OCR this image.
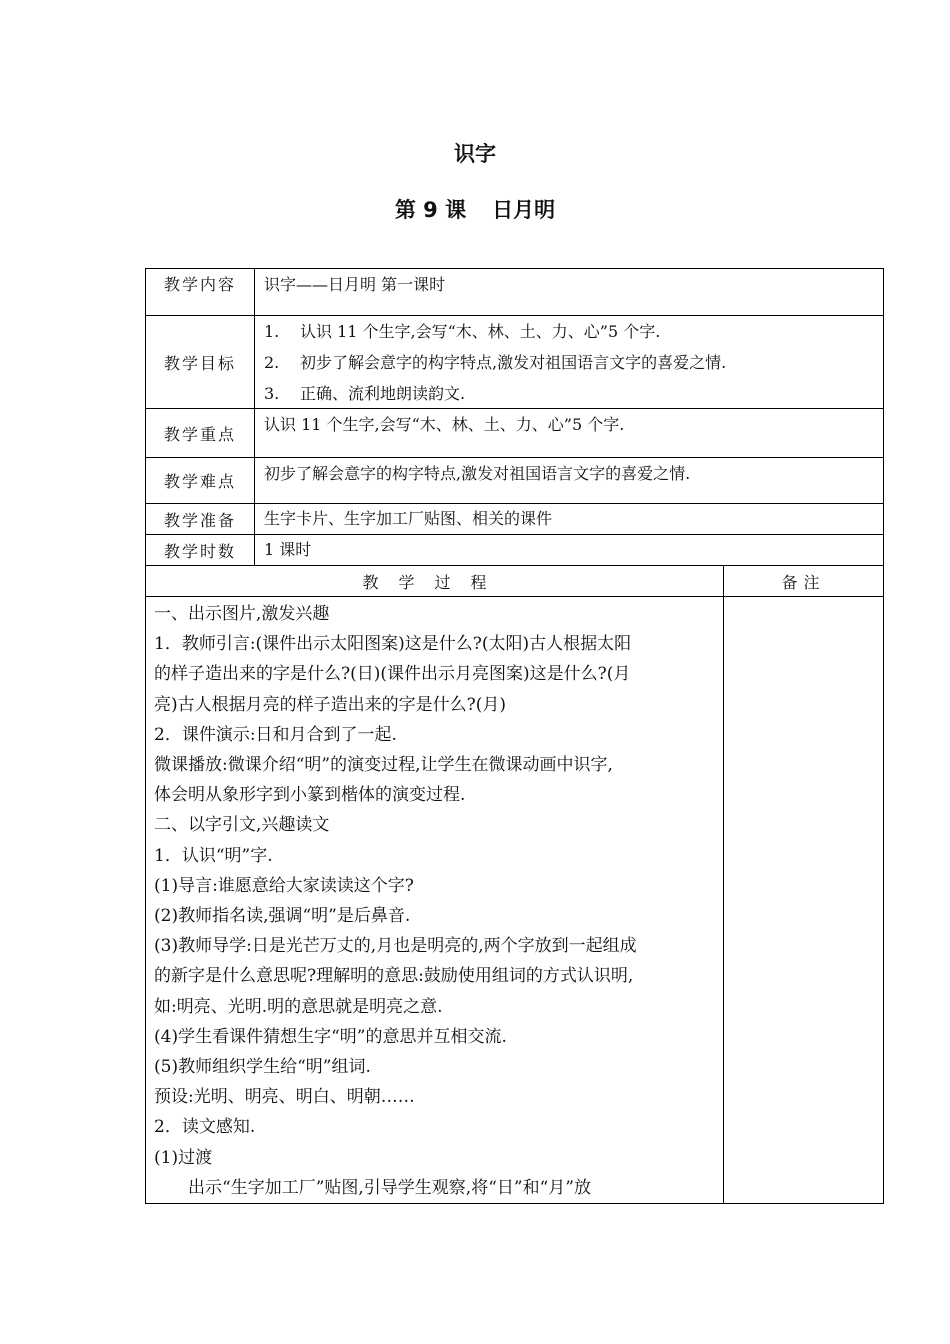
识字
第 9 课 日月明
教学内容	识字——日月明 第一课时
教学目标
1. 认识 11 个生字,会写“木、林、土、力、心”5 个字.
2. 初步了解会意字的构字特点,激发对祖国语言文字的喜爱之情.
3. 正确、流利地朗读韵文.
教学重点	认识 11 个生字,会写“木、林、土、力、心”5 个字.
教学难点	初步了解会意字的构字特点,激发对祖国语言文字的喜爱之情.
教学准备	生字卡片、生字加工厂贴图、相关的课件
教学时数	1 课时
教学过程	备注

一、出示图片,激发兴趣

1．教师引言:(课件出示太阳图案)这是什么?(太阳)古人根据太阳

的样子造出来的字是什么?(日)(课件出示月亮图案)这是什么?(月

亮)古人根据月亮的样子造出来的字是什么?(月)

2．课件演示:日和月合到了一起.

微课播放:微课介绍“明”的演变过程,让学生在微课动画中识字,

体会明从象形字到小篆到楷体的演变过程.

二、以字引文,兴趣读文

1．认识“明”字.

(1)导言:谁愿意给大家读读这个字?

(2)教师指名读,强调“明”是后鼻音.

(3)教师导学:日是光芒万丈的,月也是明亮的,两个字放到一起组成

的新字是什么意思呢?理解明的意思:鼓励使用组词的方式认识明,

如:明亮、光明.明的意思就是明亮之意.

(4)学生看课件猜想生字“明”的意思并互相交流.

(5)教师组织学生给“明”组词.

预设:光明、明亮、明白、明朝……

2．读文感知.

(1)过渡

出示“生字加工厂”贴图,引导学生观察,将“日”和“月”放
